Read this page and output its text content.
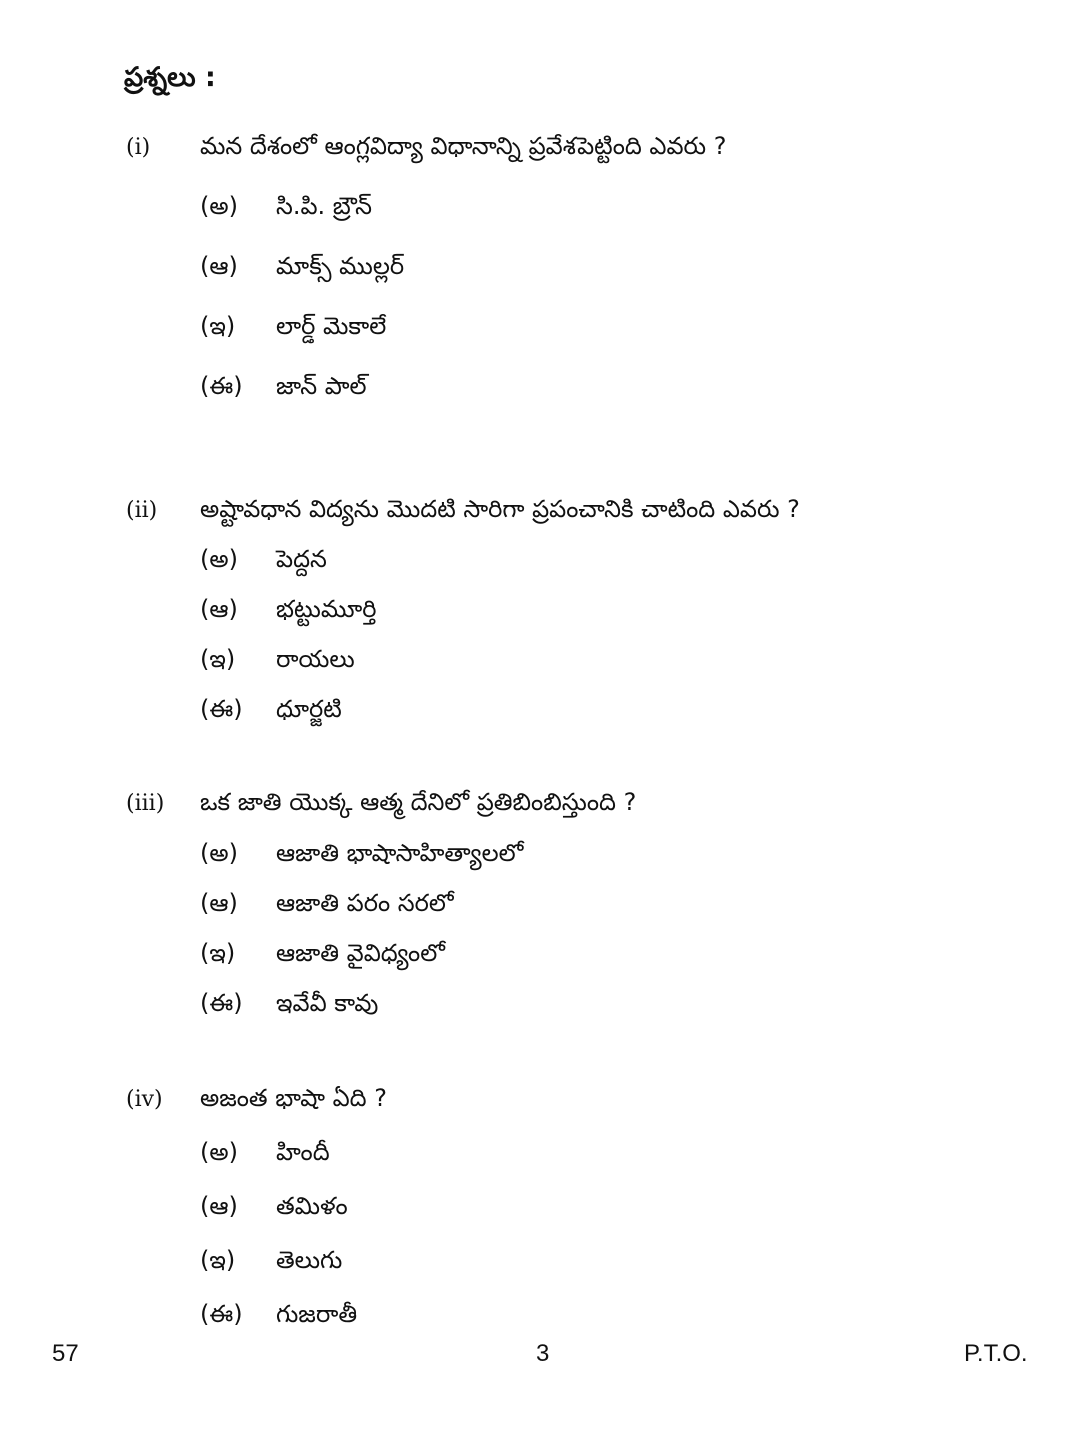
ప్రశ్నలు :
(i) మన దేశంలో ఆంగ్లవిద్యా విధానాన్ని ప్రవేశపెట్టింది ఎవరు ?
(అ) సి.పి. బ్రౌన్
(ఆ) మాక్స్ ముల్లర్
(ఇ) లార్డ్ మెకాలే
(ఈ) జాన్ పాల్
(ii) అష్టావధాన విద్యను మొదటి సారిగా ప్రపంచానికి చాటింది ఎవరు ?
(అ) పెద్దన
(ఆ) భట్టుమూర్తి
(ఇ) రాయలు
(ఈ) ధూర్జటి
(iii) ఒక జాతి యొక్క ఆత్మ దేనిలో ప్రతిబింబిస్తుంది ?
(అ) ఆజాతి భాషాసాహిత్యాలలో
(ఆ) ఆజాతి పరం సరలో
(ఇ) ఆజాతి వైవిధ్యంలో
(ఈ) ఇవేవీ కావు
(iv) అజంత భాషా ఏది ?
(అ) హిందీ
(ఆ) తమిళం
(ఇ) తెలుగు
(ఈ) గుజరాతీ
57	3	P.T.O.
